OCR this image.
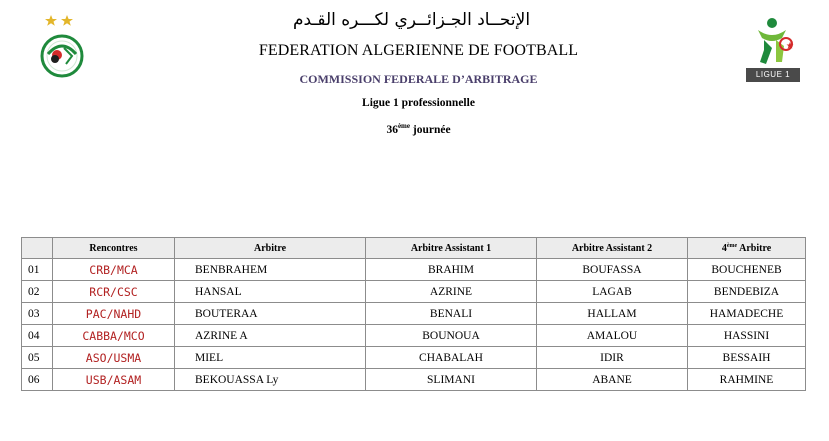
LIGUE 1
الإتحــاد الجـزائــري لكـــره القـدم
FEDERATION ALGERIENNE DE FOOTBALL
COMMISSION FEDERALE D’ARBITRAGE
Ligue 1 professionnelle
36ème journée
	Rencontres	Arbitre	Arbitre Assistant 1	Arbitre Assistant 2	4ème Arbitre
01	CRB/MCA	BENBRAHEM	BRAHIM	BOUFASSA	BOUCHENEB
02	RCR/CSC	HANSAL	AZRINE	LAGAB	BENDEBIZA
03	PAC/NAHD	BOUTERAA	BENALI	HALLAM	HAMADECHE
04	CABBA/MCO	AZRINE A	BOUNOUA	AMALOU	HASSINI
05	ASO/USMA	MIEL	CHABALAH	IDIR	BESSAIH
06	USB/ASAM	BEKOUASSA Ly	SLIMANI	ABANE	RAHMINE
